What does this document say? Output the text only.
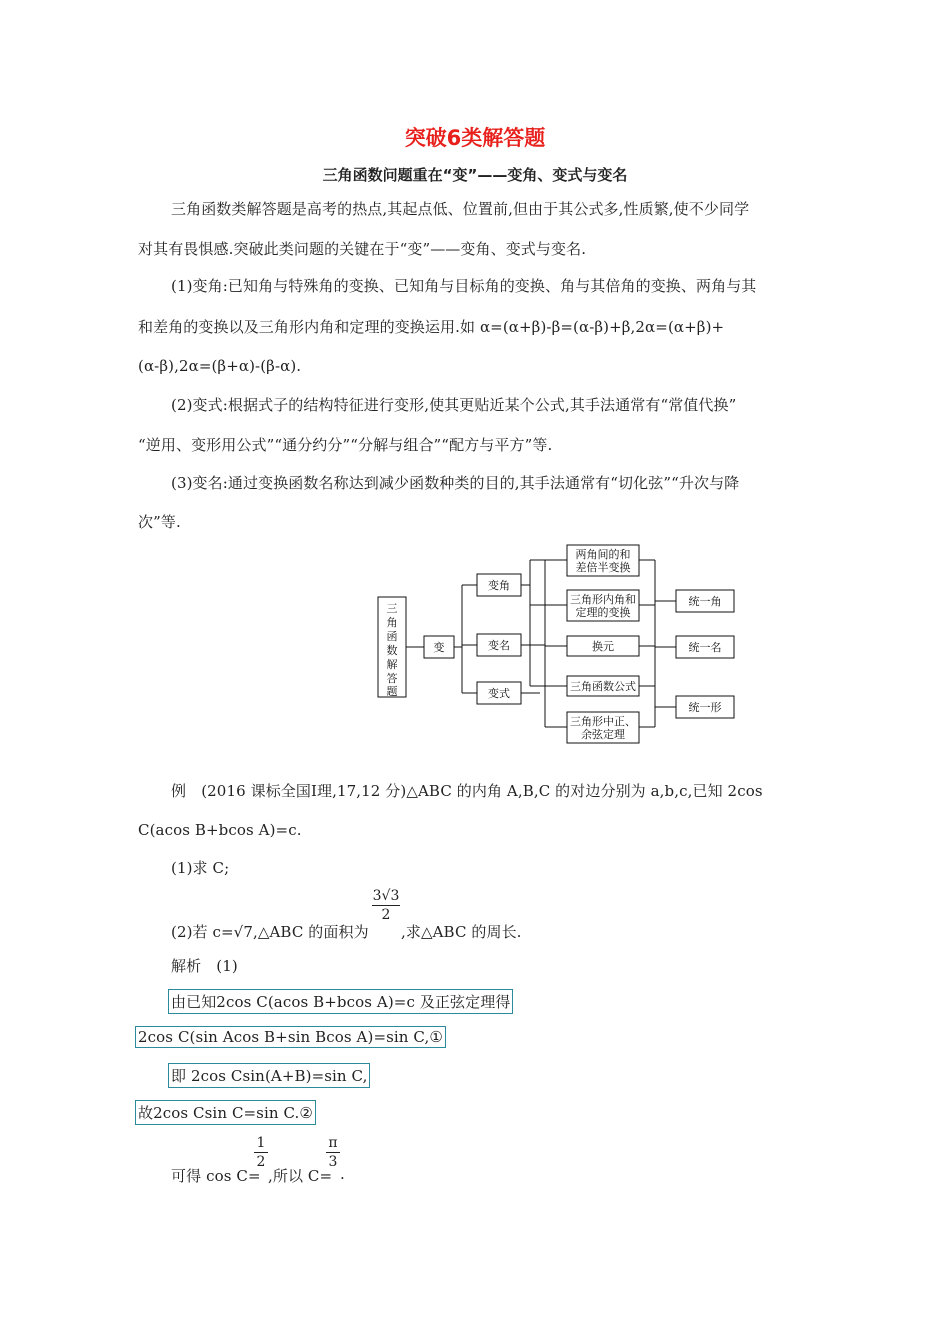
突破6类解答题
三角函数问题重在“变”——变角、变式与变名
三角函数类解答题是高考的热点,其起点低、位置前,但由于其公式多,性质繁,使不少同学
对其有畏惧感.突破此类问题的关键在于“变”——变角、变式与变名.
(1)变角:已知角与特殊角的变换、已知角与目标角的变换、角与其倍角的变换、两角与其
和差角的变换以及三角形内角和定理的变换运用.如 α=(α+β)-β=(α-β)+β,2α=(α+β)+
(α-β),2α=(β+α)-(β-α).
(2)变式:根据式子的结构特征进行变形,使其更贴近某个公式,其手法通常有“常值代换”
“逆用、变形用公式”“通分约分”“分解与组合”“配方与平方”等.
(3)变名:通过变换函数名称达到减少函数种类的目的,其手法通常有“切化弦”“升次与降
次”等.
三
角
函
数
解
答
题
变
变角
变名
变式
两角间的和
差倍半变换
三角形内角和
定理的变换
换元
三角函数公式
三角形中正、
余弦定理
统一角
统一名
统一形
例　(2016 课标全国Ⅰ理,17,12 分)△ABC 的内角 A,B,C 的对边分别为 a,b,c,已知 2cos
C(acos B+bcos A)=c.
(1)求 C;
(2)若 c=√7,△ABC 的面积为
3√3
2
,求△ABC 的周长.
解析　(1)
由已知2cos C(acos B+bcos A)=c 及正弦定理得
2cos C(sin Acos B+sin Bcos A)=sin C,①
即 2cos Csin(A+B)=sin C,
故2cos Csin C=sin C.②
可得 cos C=
1
2
,所以 C=
π
3
.
